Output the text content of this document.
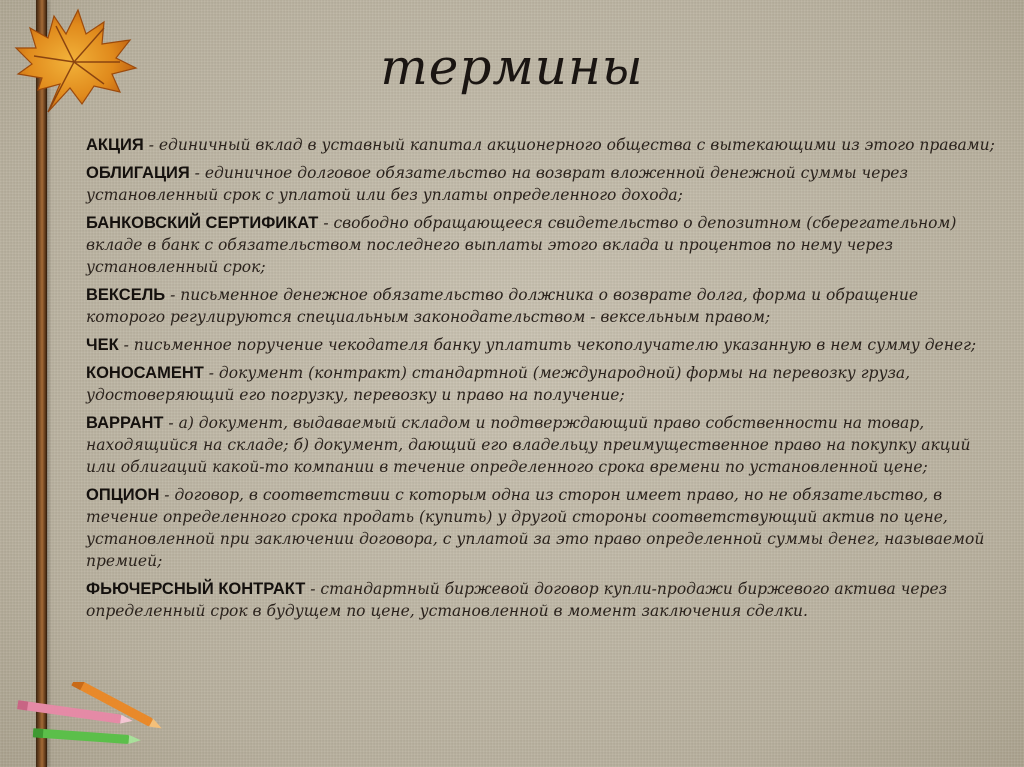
термины

АКЦИЯ - единичный вклад в уставный капитал акционерного общества с вытекающими из этого правами;

ОБЛИГАЦИЯ - единичное долговое обязательство на возврат вложенной денежной суммы через установленный срок с уплатой или без уплаты определенного дохода;

БАНКОВСКИЙ СЕРТИФИКАТ - свободно обращающееся свидетельство о депозитном (сберегательном) вкладе в банк с обязательством последнего выплаты этого вклада и процентов по нему через установленный срок;

ВЕКСЕЛЬ - письменное денежное обязательство должника о возврате долга, форма и обращение которого регулируются специальным законодательством - вексельным правом;

ЧЕК - письменное поручение чекодателя банку уплатить чекополучателю указанную в нем сумму денег;

КОНОСАМЕНТ - документ (контракт) стандартной (международной) формы на перевозку груза, удостоверяющий его погрузку, перевозку и право на получение;

ВАРРАНТ - а) документ, выдаваемый складом и подтверждающий право собственности на товар, находящийся на складе; б) документ, дающий его владельцу преимущественное право на покупку акций или облигаций какой-то компании в течение определенного срока времени по установленной цене;

ОПЦИОН - договор, в соответствии с которым одна из сторон имеет право, но не обязательство, в течение определенного срока продать (купить) у другой стороны соответствующий актив по цене, установленной при заключении договора, с уплатой за это право определенной суммы денег, называемой премией;

ФЬЮЧЕРСНЫЙ КОНТРАКТ - стандартный биржевой договор купли-продажи биржевого актива через определенный срок в будущем по цене, установленной в момент заключения сделки.
